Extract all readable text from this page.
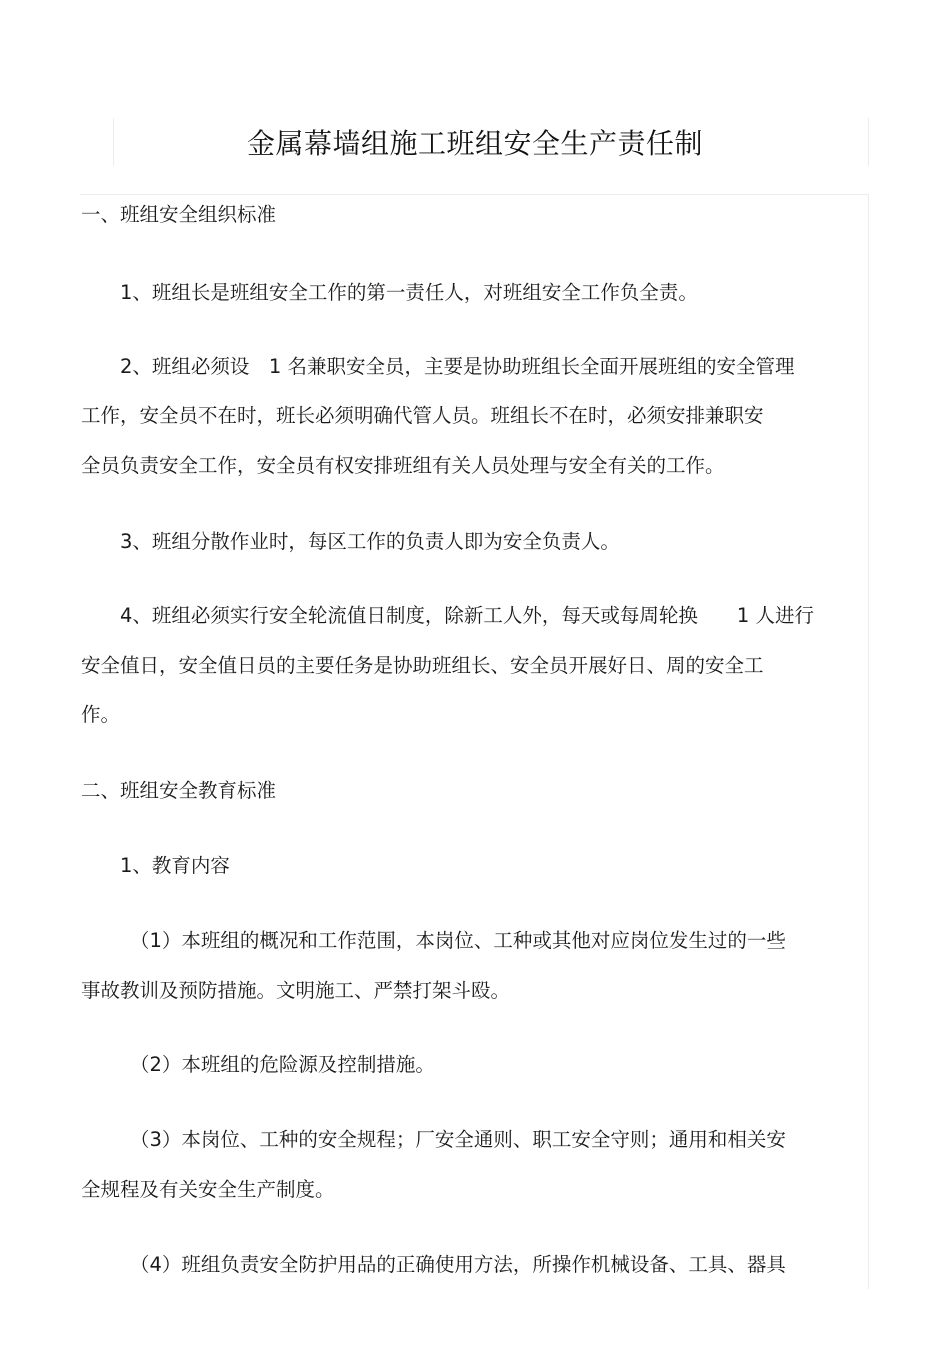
金属幕墙组施工班组安全生产责任制

一、班组安全组织标准

1、班组长是班组安全工作的第一责任人，对班组安全工作负全责。

2、班组必须设　1 名兼职安全员，主要是协助班组长全面开展班组的安全管理

工作，安全员不在时，班长必须明确代管人员。班组长不在时，必须安排兼职安

全员负责安全工作，安全员有权安排班组有关人员处理与安全有关的工作。

3、班组分散作业时，每区工作的负责人即为安全负责人。

4、班组必须实行安全轮流值日制度，除新工人外，每天或每周轮换　　1 人进行

安全值日，安全值日员的主要任务是协助班组长、安全员开展好日、周的安全工

作。

二、班组安全教育标准

1、教育内容

（1）本班组的概况和工作范围，本岗位、工种或其他对应岗位发生过的一些

事故教训及预防措施。文明施工、严禁打架斗殴。

（2）本班组的危险源及控制措施。

（3）本岗位、工种的安全规程；厂安全通则、职工安全守则；通用和相关安

全规程及有关安全生产制度。

（4）班组负责安全防护用品的正确使用方法，所操作机械设备、工具、器具
